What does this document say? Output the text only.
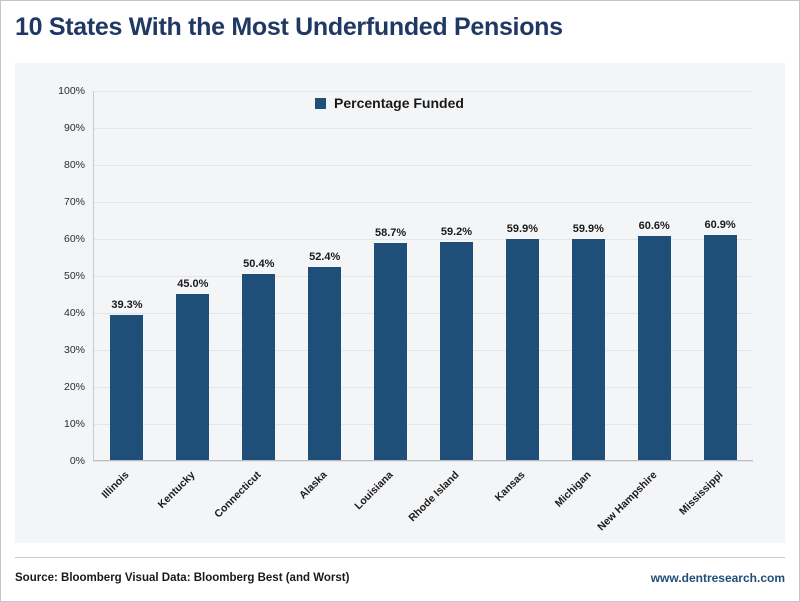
10 States With the Most Underfunded Pensions
Percentage Funded
100%
90%
80%
70%
60%
50%
40%
30%
20%
10%
0%
39.3%
45.0%
50.4%
52.4%
58.7%	59.2%	59.9%	59.9%	60.6%	60.9%
Illinois	Kentucky	Connecticut	Alaska	Louisiana	Rhode Island	Kansas	Michigan New Hampshire	Mississippi
Source: Bloomberg Visual Data: Bloomberg Best (and Worst)	www.dentresearch.com
